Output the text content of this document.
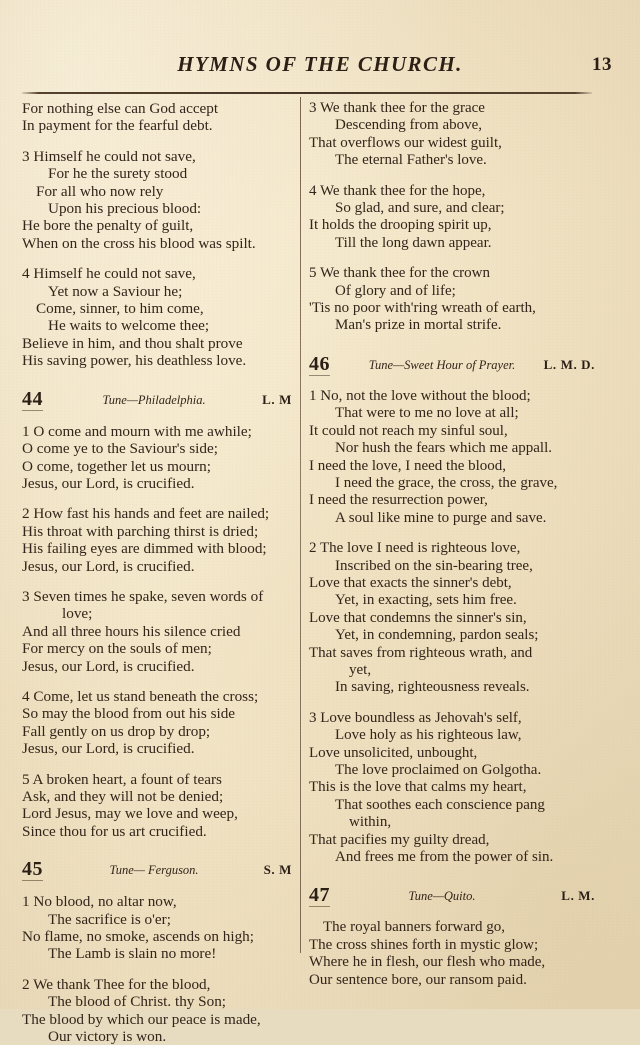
HYMNS OF THE CHURCH.	13
For nothing else can God accept
In payment for the fearful debt.
3 Himself he could not save,
For he the surety stood
For all who now rely
Upon his precious blood:
He bore the penalty of guilt,
When on the cross his blood was spilt.
4 Himself he could not save,
Yet now a Saviour he;
Come, sinner, to him come,
He waits to welcome thee;
Believe in him, and thou shalt prove
His saving power, his deathless love.
44	Tune—Philadelphia.	L. M
1 O come and mourn with me awhile;
O come ye to the Saviour's side;
O come, together let us mourn;
Jesus, our Lord, is crucified.
2 How fast his hands and feet are nailed;
His throat with parching thirst is dried;
His failing eyes are dimmed with blood;
Jesus, our Lord, is crucified.
3 Seven times he spake, seven words of
love;
And all three hours his silence cried
For mercy on the souls of men;
Jesus, our Lord, is crucified.
4 Come, let us stand beneath the cross;
So may the blood from out his side
Fall gently on us drop by drop;
Jesus, our Lord, is crucified.
5 A broken heart, a fount of tears
Ask, and they will not be denied;
Lord Jesus, may we love and weep,
Since thou for us art crucified.
45	Tune— Ferguson.	S. M
1 No blood, no altar now,
The sacrifice is o'er;
No flame, no smoke, ascends on high;
The Lamb is slain no more!
2 We thank Thee for the blood,
The blood of Christ. thy Son;
The blood by which our peace is made,
Our victory is won.
3 We thank thee for the grace
Descending from above,
That overflows our widest guilt,
The eternal Father's love.
4 We thank thee for the hope,
So glad, and sure, and clear;
It holds the drooping spirit up,
Till the long dawn appear.
5 We thank thee for the crown
Of glory and of life;
'Tis no poor with'ring wreath of earth,
Man's prize in mortal strife.
46	Tune—Sweet Hour of Prayer.	L. M. D.
1 No, not the love without the blood;
That were to me no love at all;
It could not reach my sinful soul,
Nor hush the fears which me appall.
I need the love, I need the blood,
I need the grace, the cross, the grave,
I need the resurrection power,
A soul like mine to purge and save.
2 The love I need is righteous love,
Inscribed on the sin-bearing tree,
Love that exacts the sinner's debt,
Yet, in exacting, sets him free.
Love that condemns the sinner's sin,
Yet, in condemning, pardon seals;
That saves from righteous wrath, and
yet,
In saving, righteousness reveals.
3 Love boundless as Jehovah's self,
Love holy as his righteous law,
Love unsolicited, unbought,
The love proclaimed on Golgotha.
This is the love that calms my heart,
That soothes each conscience pang
within,
That pacifies my guilty dread,
And frees me from the power of sin.
47	Tune—Quito.	L. M.
The royal banners forward go,
The cross shines forth in mystic glow;
Where he in flesh, our flesh who made,
Our sentence bore, our ransom paid.
